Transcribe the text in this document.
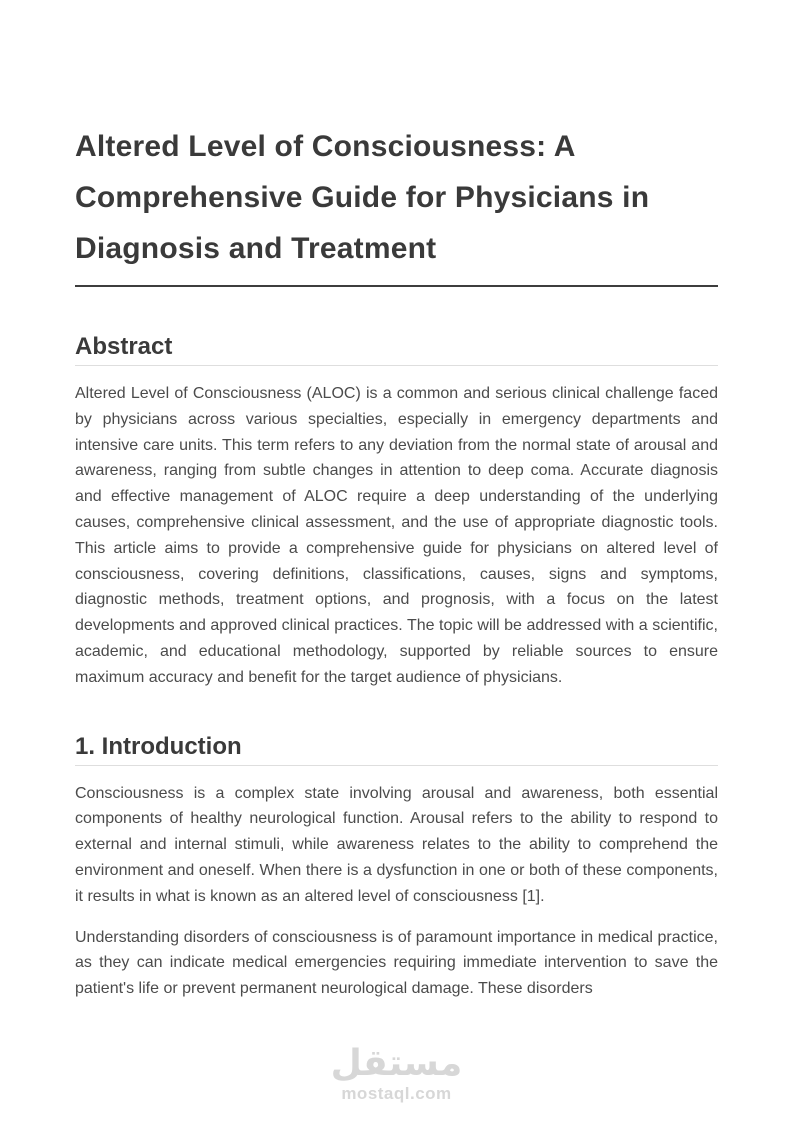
Altered Level of Consciousness: A Comprehensive Guide for Physicians in Diagnosis and Treatment
Abstract

Altered Level of Consciousness (ALOC) is a common and serious clinical challenge faced by physicians across various specialties, especially in emergency departments and intensive care units. This term refers to any deviation from the normal state of arousal and awareness, ranging from subtle changes in attention to deep coma. Accurate diagnosis and effective management of ALOC require a deep understanding of the underlying causes, comprehensive clinical assessment, and the use of appropriate diagnostic tools. This article aims to provide a comprehensive guide for physicians on altered level of consciousness, covering definitions, classifications, causes, signs and symptoms, diagnostic methods, treatment options, and prognosis, with a focus on the latest developments and approved clinical practices. The topic will be addressed with a scientific, academic, and educational methodology, supported by reliable sources to ensure maximum accuracy and benefit for the target audience of physicians.

1. Introduction

Consciousness is a complex state involving arousal and awareness, both essential components of healthy neurological function. Arousal refers to the ability to respond to external and internal stimuli, while awareness relates to the ability to comprehend the environment and oneself. When there is a dysfunction in one or both of these components, it results in what is known as an altered level of consciousness [1].

Understanding disorders of consciousness is of paramount importance in medical practice, as they can indicate medical emergencies requiring immediate intervention to save the patient's life or prevent permanent neurological damage. These disorders

مستقل
mostaql.com
